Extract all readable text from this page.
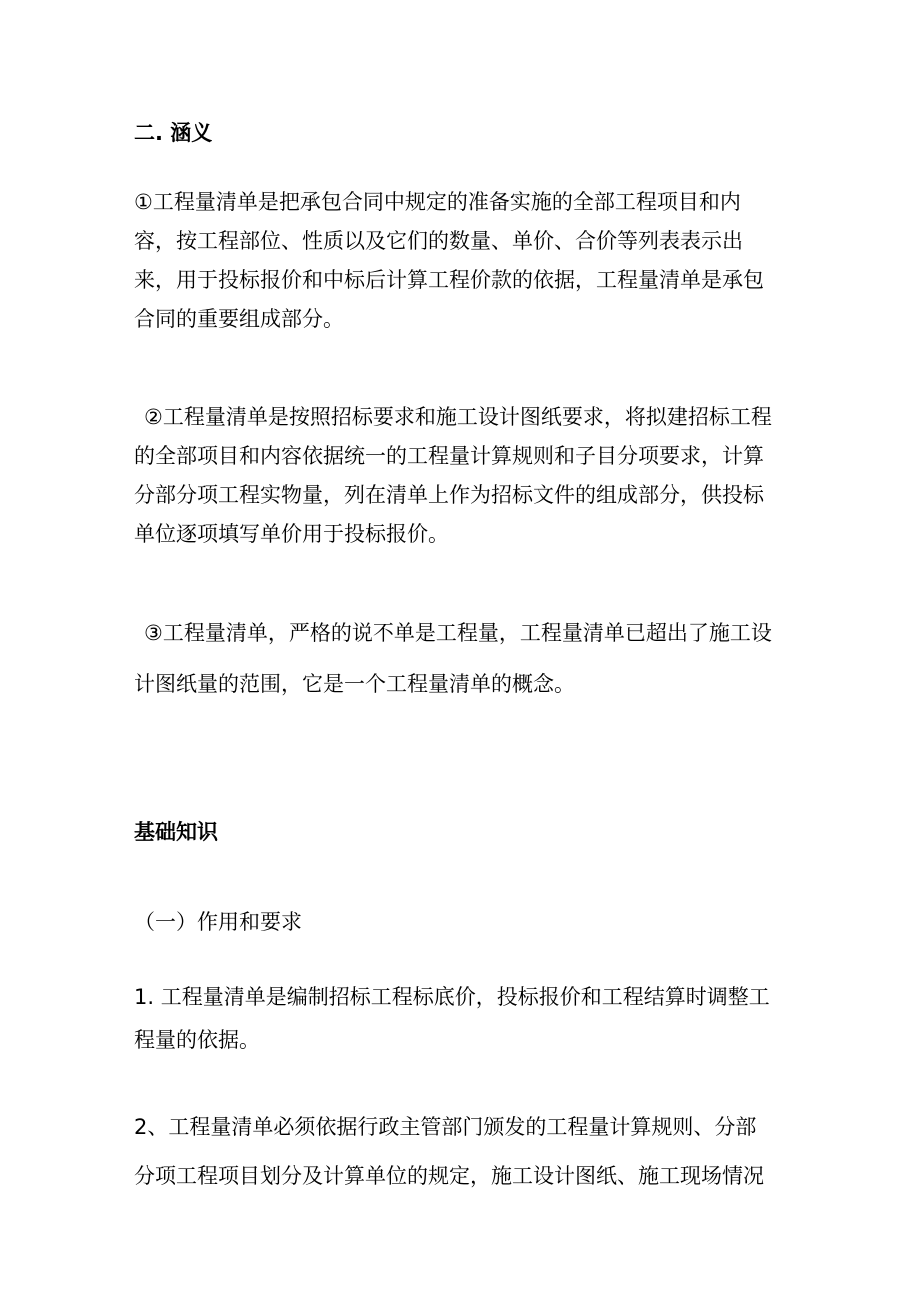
二. 涵义
①工程量清单是把承包合同中规定的准备实施的全部工程项目和内
容，按工程部位、性质以及它们的数量、单价、合价等列表表示出
来，用于投标报价和中标后计算工程价款的依据，工程量清单是承包
合同的重要组成部分。
②工程量清单是按照招标要求和施工设计图纸要求，将拟建招标工程
的全部项目和内容依据统一的工程量计算规则和子目分项要求，计算
分部分项工程实物量，列在清单上作为招标文件的组成部分，供投标
单位逐项填写单价用于投标报价。
③工程量清单，严格的说不单是工程量，工程量清单已超出了施工设
计图纸量的范围，它是一个工程量清单的概念。
基础知识
（一）作用和要求
1. 工程量清单是编制招标工程标底价，投标报价和工程结算时调整工
程量的依据。
2、工程量清单必须依据行政主管部门颁发的工程量计算规则、分部
分项工程项目划分及计算单位的规定，施工设计图纸、施工现场情况
